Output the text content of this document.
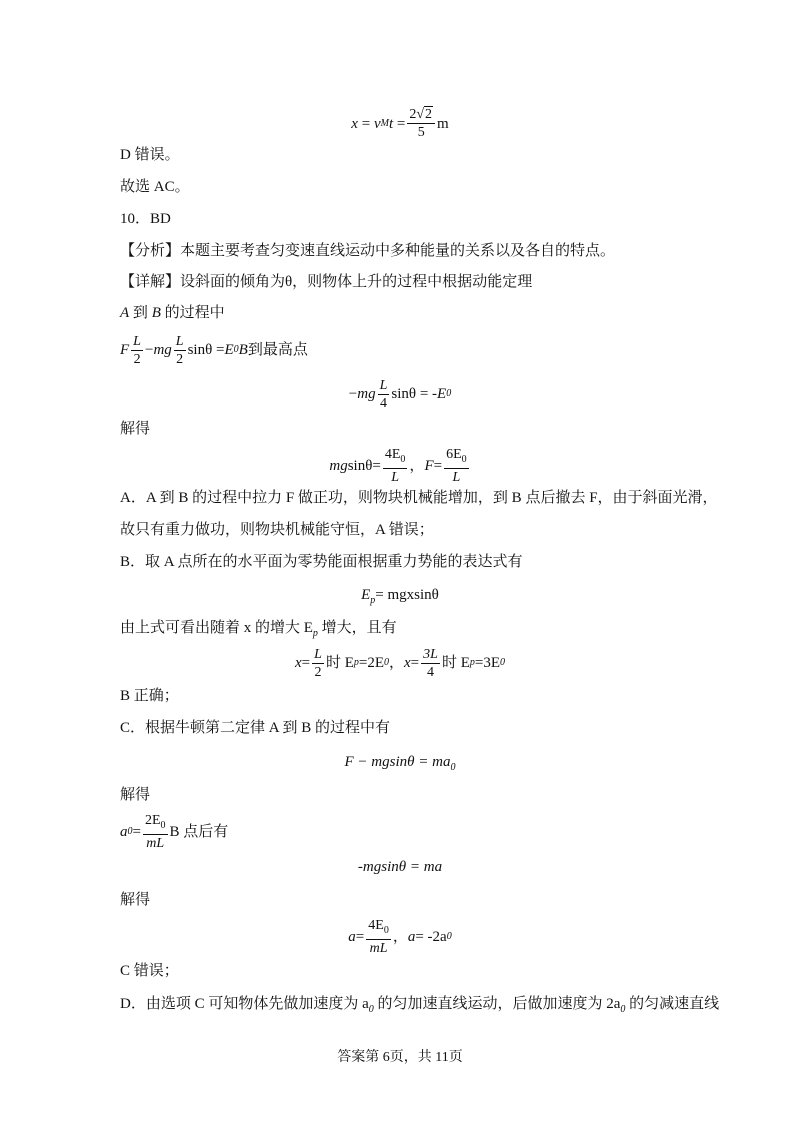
x
=
v M t
= $\frac{2 √ 2}{5}$ m
D 错误。
故选 AC。
10．BD
【分析】本题主要考查匀变速直线运动中多种能量的关系以及各自的特点。
【详解】设斜面的倾角为θ，则物体上升的过程中根据动能定理
A 到 B 的过程中
F $\frac{L}{2}$ − mg $\frac{L}{2}$ sinθ = E 0 B 到最高点
− mg $\frac{L}{4}$ sinθ = - E 0
解得
mg $\sin\theta= \frac{4E_0}{L}$ ， $F = \frac{6E_0}{L}$
A．A 到 B 的过程中拉力 F 做正功，则物块机械能增加，到 B 点后撤去 F，由于斜面光滑，
故只有重力做功，则物块机械能守恒，A 错误；
B．取 A 点所在的水平面为零势能面根据重力势能的表达式有
$E_p= mgxsin\theta$
由上式可看出随着 x 的增大 $E_p$ 增大，且有
$x = \frac{L}{2}$ 时 E p =2E 0 ， $x = \frac{3L}{4}$ 时 E p =3E 0
B 正确；
C．根据牛顿第二定律 A 到 B 的过程中有
$F - mgsin\theta = ma_0$
解得
a $0 = \frac{2E_0}{mL}$ B 点后有
-mgsinθ = ma
解得
$a = \frac{4E_0}{mL}$ ， a = -2a 0
C 错误；
D．由选项 C 可知物体先做加速度为 $a_0$ 的匀加速直线运动，后做加速度为 $2a_0$ 的匀减速直线
答案第 6页，共 11页
